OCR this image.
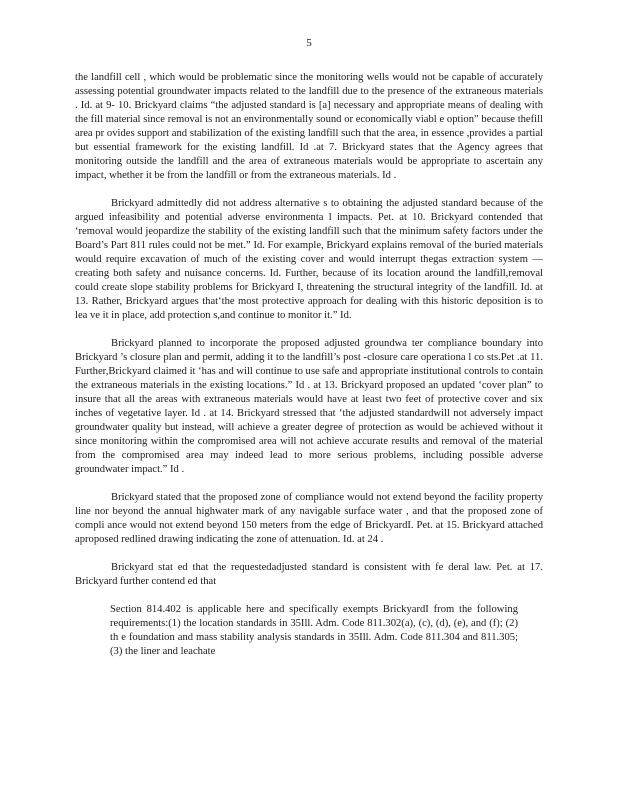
5

the landfill cell , which would be problematic since the monitoring wells would not be capable of accurately assessing potential groundwater impacts related to the landfill due to the presence of the extraneous materials . Id. at 9- 10. Brickyard claims “the adjusted standard is [a] necessary and appropriate means of dealing with the fill material since removal is not an environmentally sound or economically viabl e option” because thefill area pr ovides support and stabilization of the existing landfill such that the area, in essence ,provides a partial but essential framework for the existing landfill. Id .at 7. Brickyard states that the Agency agrees that monitoring outside the landfill and the area of extraneous materials would be appropriate to ascertain any impact, whether it be from the landfill or from the extraneous materials. Id .

Brickyard admittedly did not address alternative s to obtaining the adjusted standard because of the argued infeasibility and potential adverse environmenta l impacts. Pet. at 10. Brickyard contended that ‘removal would jeopardize the stability of the existing landfill such that the minimum safety factors under the Board’s Part 811 rules could not be met.” Id. For example, Brickyard explains removal of the buried materials would require excavation of much of the existing cover and would interrupt thegas extraction system — creating both safety and nuisance concerns. Id. Further, because of its location around the landfill,removal could create slope stability problems for Brickyard I, threatening the structural integrity of the landfill. Id. at 13. Rather, Brickyard argues that‘the most protective approach for dealing with this historic deposition is to lea ve it in place, add protection s,and continue to monitor it.” Id.

Brickyard planned to incorporate the proposed adjusted groundwa ter compliance boundary into Brickyard ’s closure plan and permit, adding it to the landfill’s post -closure care operationa l co sts.Pet .at 11. Further,Brickyard claimed it ‘has and will continue to use safe and appropriate institutional controls to contain the extraneous materials in the existing locations.” Id . at 13. Brickyard proposed an updated ‘cover plan” to insure that all the areas with extraneous materials would have at least two feet of protective cover and six inches of vegetative layer. Id . at 14. Brickyard stressed that ‘the adjusted standardwill not adversely impact groundwater quality but instead, will achieve a greater degree of protection as would be achieved without it since monitoring within the compromised area will not achieve accurate results and removal of the material from the compromised area may indeed lead to more serious problems, including possible adverse groundwater impact.” Id .

Brickyard stated that the proposed zone of compliance would not extend beyond the facility property line nor beyond the annual highwater mark of any navigable surface water , and that the proposed zone of compli ance would not extend beyond 150 meters from the edge of BrickyardI. Pet. at 15. Brickyard attached aproposed redlined drawing indicating the zone of attenuation. Id. at 24 .

Brickyard stat ed that the requestedadjusted standard is consistent with fe deral law. Pet. at 17. Brickyard further contend ed that

Section 814.402 is applicable here and specifically exempts BrickyardI from the following requirements:(1) the location standards in 35Ill. Adm. Code 811.302(a), (c), (d), (e), and (f); (2) th e foundation and mass stability analysis standards in 35Ill. Adm. Code 811.304 and 811.305; (3) the liner and leachate
